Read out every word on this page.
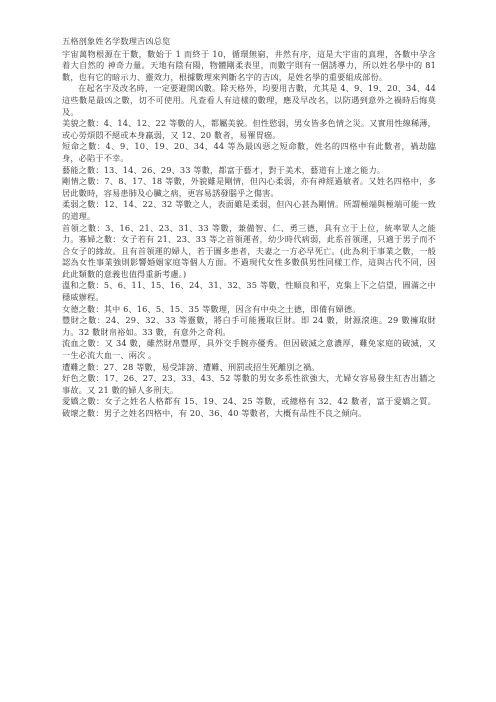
五格剖象姓名学数理吉凶总览

宇宙萬物根源在于數，數始于 1 而終于 10，循環無窮，井然有序，這是大宇宙的真理，各數中孕含着大自然的 神奇力量。天地有陰有陽，物體剛柔表里，而數字則有一個誘導力，所以姓名學中的 81 數，也有它的暗示力、靈效力，根據數理來判斷名字的吉凶，是姓名學的重要組成部份。

在起名字及改名時，一定要避開凶數。除天格外，均要用吉數，尤其是 4、9、19、20、34、44 這些數是最凶之數，切不可使用。凡查看人有這樣的數理，應及早改名，以防遇到意外之禍時后悔莫及。

美貌之數：4、14、12、22 等數的人，都屬美貌。但性慾弱，男女皆多色情之災。又實用性線稀薄，或心勞煩悶不絕或本身羸弱，又 12、20 數者，易罹胃癌。

短命之數：4、9、10、19、20、34、44 等為最凶惡之短命數，姓名的四格中有此數者，禍劫臨身，必陷于不幸。

藝能之數：13、14、26、29、33 等數，都富于藝才，對于美术，藝道有上達之能力。

剛情之數：7、8、17、18 等數，外貌雖是剛情，但內心柔弱，亦有神經過敏者。又姓名四格中，多居此數時，容易患肺及心臟之病，更容易誘發腦乎之傷害。

柔弱之數：12、14、22、32 等數之人，表面雖是柔弱，但內心甚為剛情。所謂極端與極端可能一致的道理。

首領之數：3、16、21、23、31、33 等數，兼備智、仁、勇三德，具有立于上位，統率眾人之能力。寡婦之數：女子若有 21、23、33 等之首領運者，幼少時代病弱，此系首領運，只適于男子而不合女子的緣故。且有首領運的婦人，若于圖多患者，夫妻之一方必早死亡。(此為利于事業之數，一般認為女性事業強則影響婚姻家庭等個人方面。不過現代女性多數俱男性同樣工作，這與古代不同，因此此類數的意義也值得重新考慮。)

溫和之數：5、6、11、15、16、24、31、32、35 等數，性順良和平，克集上下之信望，圓滿之中穩威辦程。

女德之數：其中 6、16、5、15、35 等數理，因含有中央之土德，即備有婦德。

豐財之數：24、29、32、33 等靈數，將白手可能獲取巨財。即 24 數，財源滾進。29 數擁取財力。32 數財帛裕如。33 數，有意外之奇利。

流血之數：又 34 數，雖然財帛豐厚，具外交手腕亦優秀。但因破滅之意濃厚，難免家庭的破滅，又一生必流大血一、兩次 。

遭難之數：27、28 等數，易受誹謗、遭難、刑罰或招生死離別之禍。

好色之數：17、26、27、23、33、43、52 等數的男女多系性欲強大，尤婦女容易發生紅杏出牆之事故。又 21 數的婦人多刑夫。

愛嬌之數：女子之姓名人格都有 15、19、24、25 等數，或總格有 32、42 數者，富于愛嬌之質。破壞之數：男子之姓名四格中，有 20、36、40 等數者，大概有品性不良之傾向。
